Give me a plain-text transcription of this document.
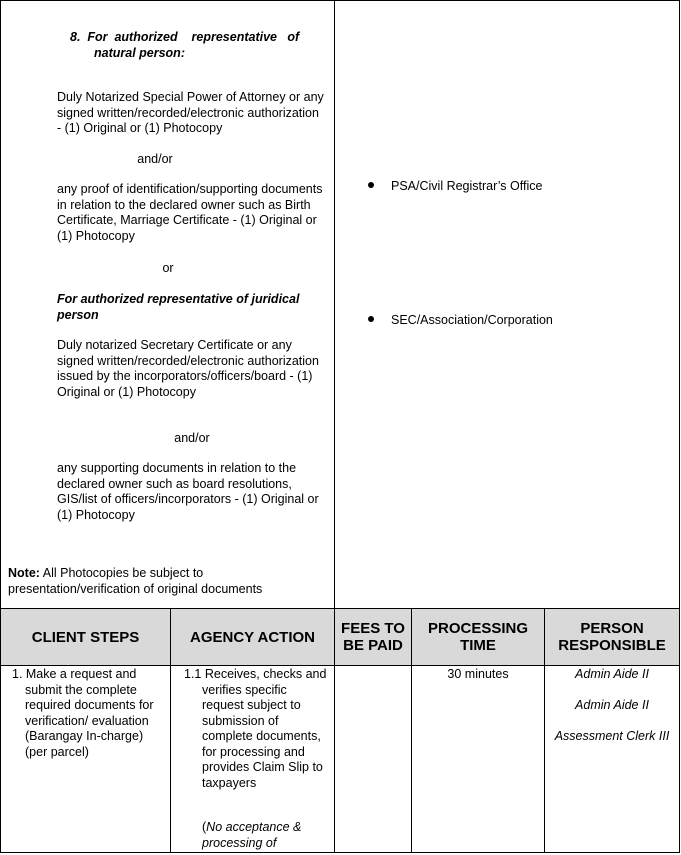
CLIENT STEPS	AGENCY ACTION FEES TO BE PAID
PROCESSING TIME
PERSON RESPONSIBLE
8.  For  authorized    representative   of
natural person:
Duly Notarized Special Power of Attorney or any signed written/recorded/electronic authorization - (1) Original or (1) Photocopy
and/or
any proof of identification/supporting documents in relation to the declared owner such as Birth Certificate, Marriage Certificate - (1) Original or (1) Photocopy
or
For authorized representative of juridical person
Duly notarized Secretary Certificate or any signed written/recorded/electronic authorization issued by the incorporators/officers/board - (1) Original or (1) Photocopy
and/or
any supporting documents in relation to the declared owner such as board resolutions, GIS/list of officers/incorporators - (1) Original or (1) Photocopy
Note: All Photocopies be subject to presentation/verification of original documents
PSA/Civil Registrar’s Office
SEC/Association/Corporation
1. Make a request and submit the complete required documents for verification/ evaluation (Barangay In-charge) (per parcel)
1.1 Receives, checks and verifies specific request subject to submission of complete documents, for processing and provides Claim Slip to taxpayers
(No acceptance & processing of
30 minutes	Admin Aide II
Admin Aide II
Assessment Clerk III
